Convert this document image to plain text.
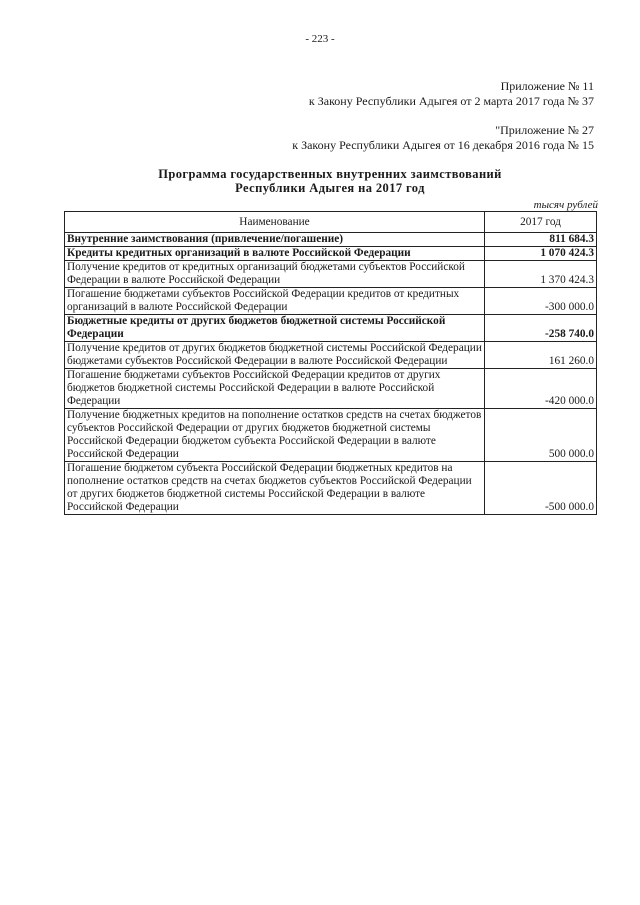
- 223 -
Приложение № 11
к Закону Республики Адыгея от 2 марта 2017 года № 37
"Приложение № 27
к Закону Республики Адыгея от 16 декабря 2016 года № 15
Программа государственных внутренних заимствований
Республики Адыгея на 2017 год
тысяч рублей
Наименование	2017 год
Внутренние заимствования (привлечение/погашение)	811 684.3
Кредиты кредитных организаций в валюте Российской Федерации	1 070 424.3
Получение кредитов от кредитных организаций бюджетами субъектов Российской Федерации в валюте Российской Федерации	1 370 424.3
Погашение бюджетами субъектов Российской Федерации кредитов от кредитных организаций в валюте Российской Федерации	-300 000.0
Бюджетные кредиты от других бюджетов бюджетной системы Российской Федерации	-258 740.0
Получение кредитов от других бюджетов бюджетной системы Российской Федерации бюджетами субъектов Российской Федерации в валюте Российской Федерации	161 260.0
Погашение бюджетами субъектов Российской Федерации кредитов от других бюджетов бюджетной системы Российской Федерации в валюте Российской Федерации	-420 000.0
Получение бюджетных кредитов на пополнение остатков средств на счетах бюджетов субъектов Российской Федерации от других бюджетов бюджетной системы Российской Федерации бюджетом субъекта Российской Федерации в валюте Российской Федерации	500 000.0
Погашение бюджетом субъекта Российской Федерации бюджетных кредитов на пополнение остатков средств на счетах бюджетов субъектов Российской Федерации от других бюджетов бюджетной системы Российской Федерации в валюте Российской Федерации	-500 000.0
